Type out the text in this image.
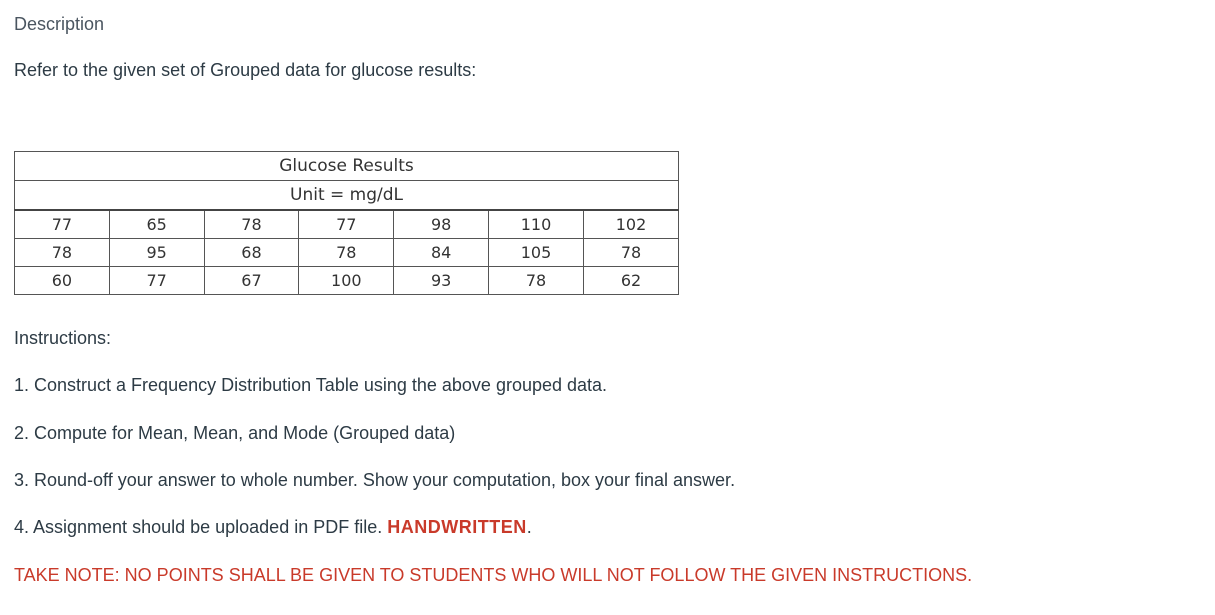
Description
Refer to the given set of Grouped data for glucose results:
Glucose Results						
Unit = mg/dL						
77	65	78	77	98	110	102
78	95	68	78	84	105	78
60	77	67	100	93	78	62
Instructions:
1. Construct a Frequency Distribution Table using the above grouped data.
2. Compute for Mean, Mean, and Mode (Grouped data)
3. Round-off your answer to whole number. Show your computation, box your final answer.
4. Assignment should be uploaded in PDF file. HANDWRITTEN.
TAKE NOTE: NO POINTS SHALL BE GIVEN TO STUDENTS WHO WILL NOT FOLLOW THE GIVEN INSTRUCTIONS.
